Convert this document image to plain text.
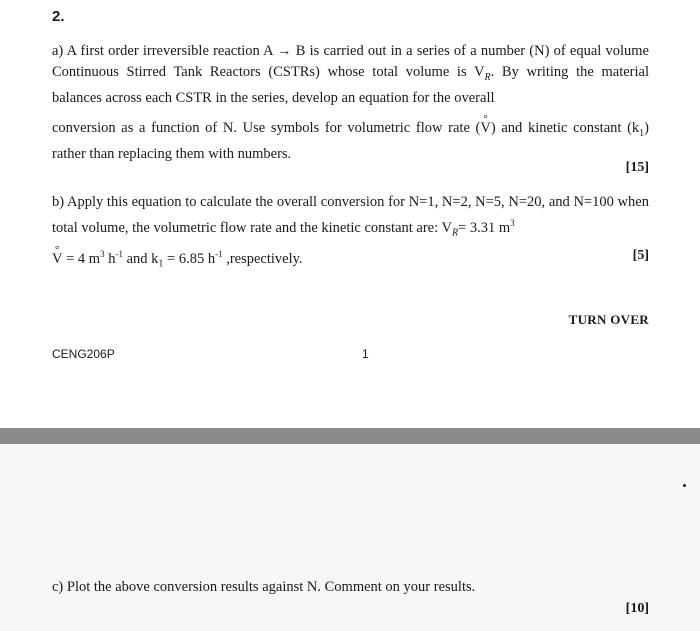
2.
a) A first order irreversible reaction A → B is carried out in a series of a number (N) of equal volume Continuous Stirred Tank Reactors (CSTRs) whose total volume is $V_R$. By writing the material balances across each CSTR in the series, develop an equation for the overall
conversion as a function of N. Use symbols for volumetric flow rate (° V) and kinetic constant $(k_1)$ rather than replacing them with numbers.
[15]
b) Apply this equation to calculate the overall conversion for N=1, N=2, N=5, N=20, and N=100 when total volume, the volumetric flow rate and the kinetic constant are: $V_R= 3.31$ $m^3$
° V = 4 $m^3$ $h^{-1}$ and $k_1 = 6.85$ $h^{-1}$ ,respectively.	[5]
TURN OVER
CENG206P	1
c) Plot the above conversion results against N. Comment on your results.
[10]
